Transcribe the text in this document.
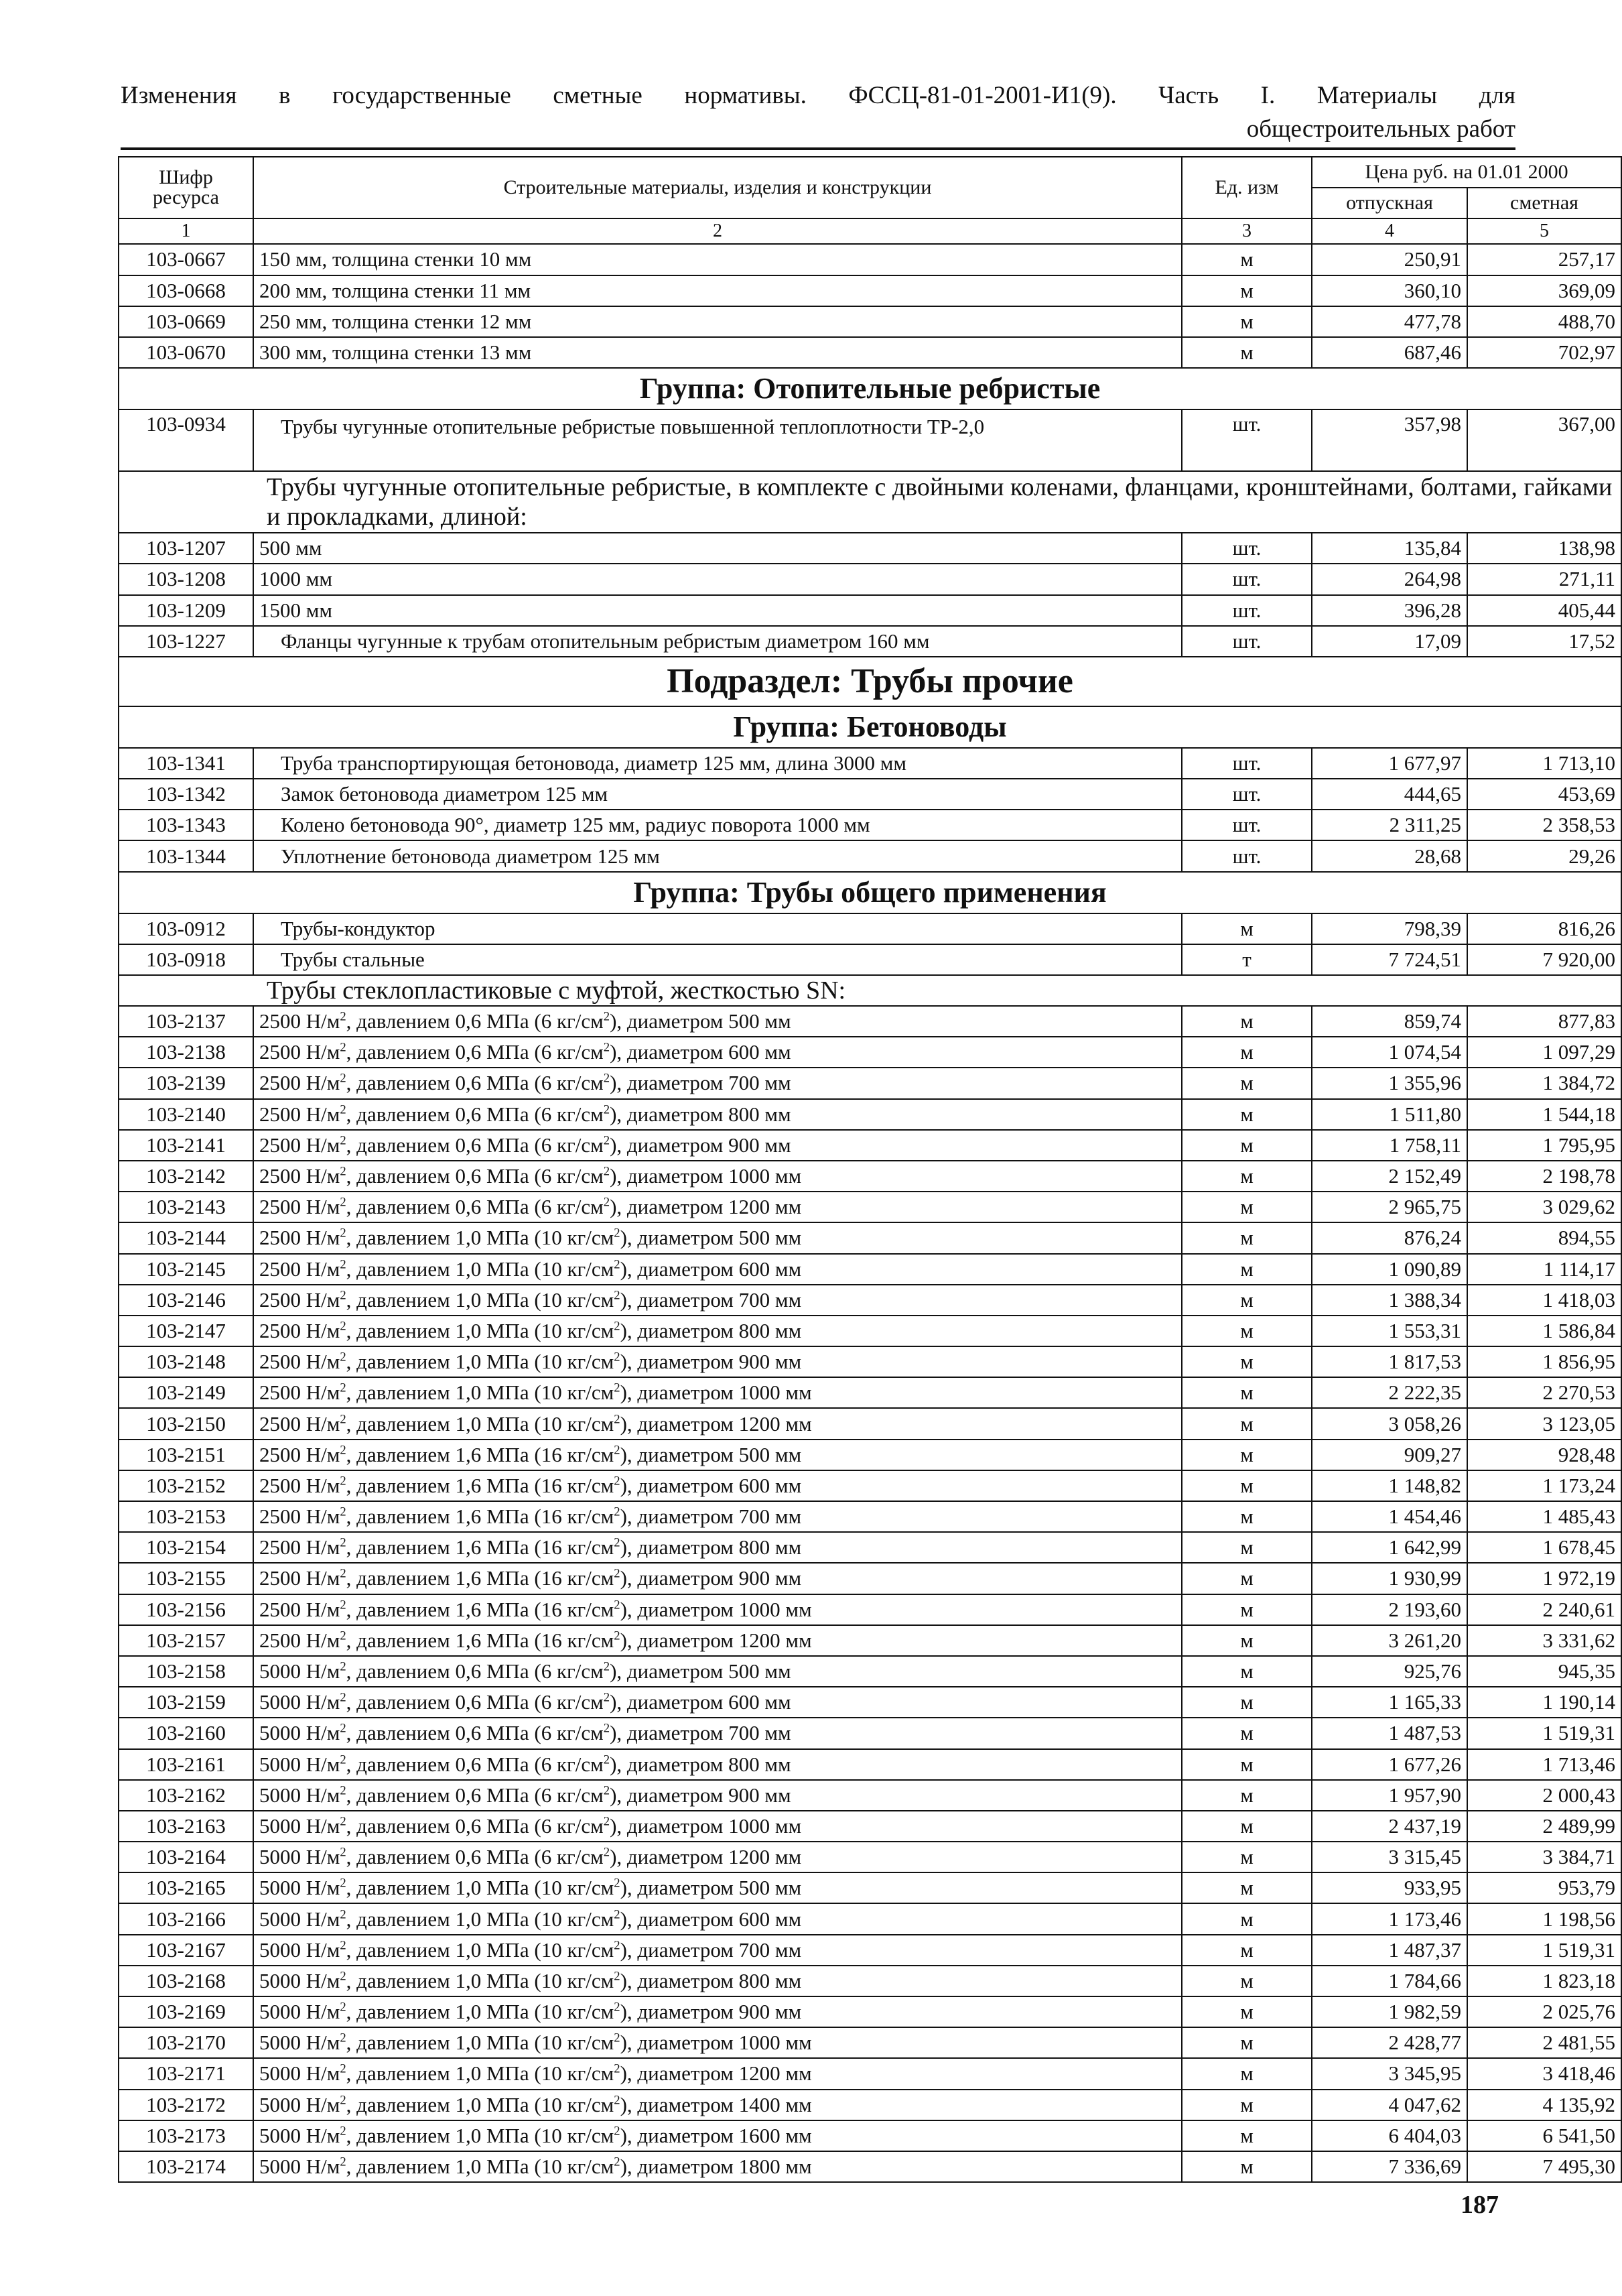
Изменения в государственные сметные нормативы. ФССЦ-81-01-2001-И1(9). Часть I. Материалы для
общестроительных работ
Шифр ресурса	Строительные материалы, изделия и конструкции	Ед. изм	Цена руб. на 01.01 2000	
			отпускная	сметная
1	2	3	4	5
103-0667	150 мм, толщина стенки 10 мм	м	250,91	257,17
103-0668	200 мм, толщина стенки 11 мм	м	360,10	369,09
103-0669	250 мм, толщина стенки 12 мм	м	477,78	488,70
103-0670	300 мм, толщина стенки 13 мм	м	687,46	702,97
Группа: Отопительные ребристые				
103-0934	Трубы чугунные отопительные ребристые повышенной теплоплотности ТР-2,0	шт.	357,98	367,00
Трубы чугунные отопительные ребристые, в комплекте с двойными коленами, фланцами, кронштейнами, болтами, гайками и прокладками, длиной:				
103-1207	500 мм	шт.	135,84	138,98
103-1208	1000 мм	шт.	264,98	271,11
103-1209	1500 мм	шт.	396,28	405,44
103-1227	Фланцы чугунные к трубам отопительным ребристым диаметром 160 мм	шт.	17,09	17,52
Подраздел: Трубы прочие				
Группа: Бетоноводы				
103-1341	Труба транспортирующая бетоновода, диаметр 125 мм, длина 3000 мм	шт.	1 677,97	1 713,10
103-1342	Замок бетоновода диаметром 125 мм	шт.	444,65	453,69
103-1343	Колено бетоновода 90°, диаметр 125 мм, радиус поворота 1000 мм	шт.	2 311,25	2 358,53
103-1344	Уплотнение бетоновода диаметром 125 мм	шт.	28,68	29,26
Группа: Трубы общего применения				
103-0912	Трубы-кондуктор	м	798,39	816,26
103-0918	Трубы стальные	т	7 724,51	7 920,00
Трубы стеклопластиковые с муфтой, жесткостью SN:				
103-2137	2500 $Н/м^2$, давлением 0,6 МПа (6 $кг/см^2$), диаметром 500 мм	м	859,74	877,83
103-2138	2500 $Н/м^2$, давлением 0,6 МПа (6 $кг/см^2$), диаметром 600 мм	м	1 074,54	1 097,29
103-2139	2500 $Н/м^2$, давлением 0,6 МПа (6 $кг/см^2$), диаметром 700 мм	м	1 355,96	1 384,72
103-2140	2500 $Н/м^2$, давлением 0,6 МПа (6 $кг/см^2$), диаметром 800 мм	м	1 511,80	1 544,18
103-2141	2500 $Н/м^2$, давлением 0,6 МПа (6 $кг/см^2$), диаметром 900 мм	м	1 758,11	1 795,95
103-2142	2500 $Н/м^2$, давлением 0,6 МПа (6 $кг/см^2$), диаметром 1000 мм	м	2 152,49	2 198,78
103-2143	2500 $Н/м^2$, давлением 0,6 МПа (6 $кг/см^2$), диаметром 1200 мм	м	2 965,75	3 029,62
103-2144	2500 $Н/м^2$, давлением 1,0 МПа (10 $кг/см^2$), диаметром 500 мм	м	876,24	894,55
103-2145	2500 $Н/м^2$, давлением 1,0 МПа (10 $кг/см^2$), диаметром 600 мм	м	1 090,89	1 114,17
103-2146	2500 $Н/м^2$, давлением 1,0 МПа (10 $кг/см^2$), диаметром 700 мм	м	1 388,34	1 418,03
103-2147	2500 $Н/м^2$, давлением 1,0 МПа (10 $кг/см^2$), диаметром 800 мм	м	1 553,31	1 586,84
103-2148	2500 $Н/м^2$, давлением 1,0 МПа (10 $кг/см^2$), диаметром 900 мм	м	1 817,53	1 856,95
103-2149	2500 $Н/м^2$, давлением 1,0 МПа (10 $кг/см^2$), диаметром 1000 мм	м	2 222,35	2 270,53
103-2150	2500 $Н/м^2$, давлением 1,0 МПа (10 $кг/см^2$), диаметром 1200 мм	м	3 058,26	3 123,05
103-2151	2500 $Н/м^2$, давлением 1,6 МПа (16 $кг/см^2$), диаметром 500 мм	м	909,27	928,48
103-2152	2500 $Н/м^2$, давлением 1,6 МПа (16 $кг/см^2$), диаметром 600 мм	м	1 148,82	1 173,24
103-2153	2500 $Н/м^2$, давлением 1,6 МПа (16 $кг/см^2$), диаметром 700 мм	м	1 454,46	1 485,43
103-2154	2500 $Н/м^2$, давлением 1,6 МПа (16 $кг/см^2$), диаметром 800 мм	м	1 642,99	1 678,45
103-2155	2500 $Н/м^2$, давлением 1,6 МПа (16 $кг/см^2$), диаметром 900 мм	м	1 930,99	1 972,19
103-2156	2500 $Н/м^2$, давлением 1,6 МПа (16 $кг/см^2$), диаметром 1000 мм	м	2 193,60	2 240,61
103-2157	2500 $Н/м^2$, давлением 1,6 МПа (16 $кг/см^2$), диаметром 1200 мм	м	3 261,20	3 331,62
103-2158	5000 $Н/м^2$, давлением 0,6 МПа (6 $кг/см^2$), диаметром 500 мм	м	925,76	945,35
103-2159	5000 $Н/м^2$, давлением 0,6 МПа (6 $кг/см^2$), диаметром 600 мм	м	1 165,33	1 190,14
103-2160	5000 $Н/м^2$, давлением 0,6 МПа (6 $кг/см^2$), диаметром 700 мм	м	1 487,53	1 519,31
103-2161	5000 $Н/м^2$, давлением 0,6 МПа (6 $кг/см^2$), диаметром 800 мм	м	1 677,26	1 713,46
103-2162	5000 $Н/м^2$, давлением 0,6 МПа (6 $кг/см^2$), диаметром 900 мм	м	1 957,90	2 000,43
103-2163	5000 $Н/м^2$, давлением 0,6 МПа (6 $кг/см^2$), диаметром 1000 мм	м	2 437,19	2 489,99
103-2164	5000 $Н/м^2$, давлением 0,6 МПа (6 $кг/см^2$), диаметром 1200 мм	м	3 315,45	3 384,71
103-2165	5000 $Н/м^2$, давлением 1,0 МПа (10 $кг/см^2$), диаметром 500 мм	м	933,95	953,79
103-2166	5000 $Н/м^2$, давлением 1,0 МПа (10 $кг/см^2$), диаметром 600 мм	м	1 173,46	1 198,56
103-2167	5000 $Н/м^2$, давлением 1,0 МПа (10 $кг/см^2$), диаметром 700 мм	м	1 487,37	1 519,31
103-2168	5000 $Н/м^2$, давлением 1,0 МПа (10 $кг/см^2$), диаметром 800 мм	м	1 784,66	1 823,18
103-2169	5000 $Н/м^2$, давлением 1,0 МПа (10 $кг/см^2$), диаметром 900 мм	м	1 982,59	2 025,76
103-2170	5000 $Н/м^2$, давлением 1,0 МПа (10 $кг/см^2$), диаметром 1000 мм	м	2 428,77	2 481,55
103-2171	5000 $Н/м^2$, давлением 1,0 МПа (10 $кг/см^2$), диаметром 1200 мм	м	3 345,95	3 418,46
103-2172	5000 $Н/м^2$, давлением 1,0 МПа (10 $кг/см^2$), диаметром 1400 мм	м	4 047,62	4 135,92
103-2173	5000 $Н/м^2$, давлением 1,0 МПа (10 $кг/см^2$), диаметром 1600 мм	м	6 404,03	6 541,50
103-2174	5000 $Н/м^2$, давлением 1,0 МПа (10 $кг/см^2$), диаметром 1800 мм	м	7 336,69	7 495,30
187
